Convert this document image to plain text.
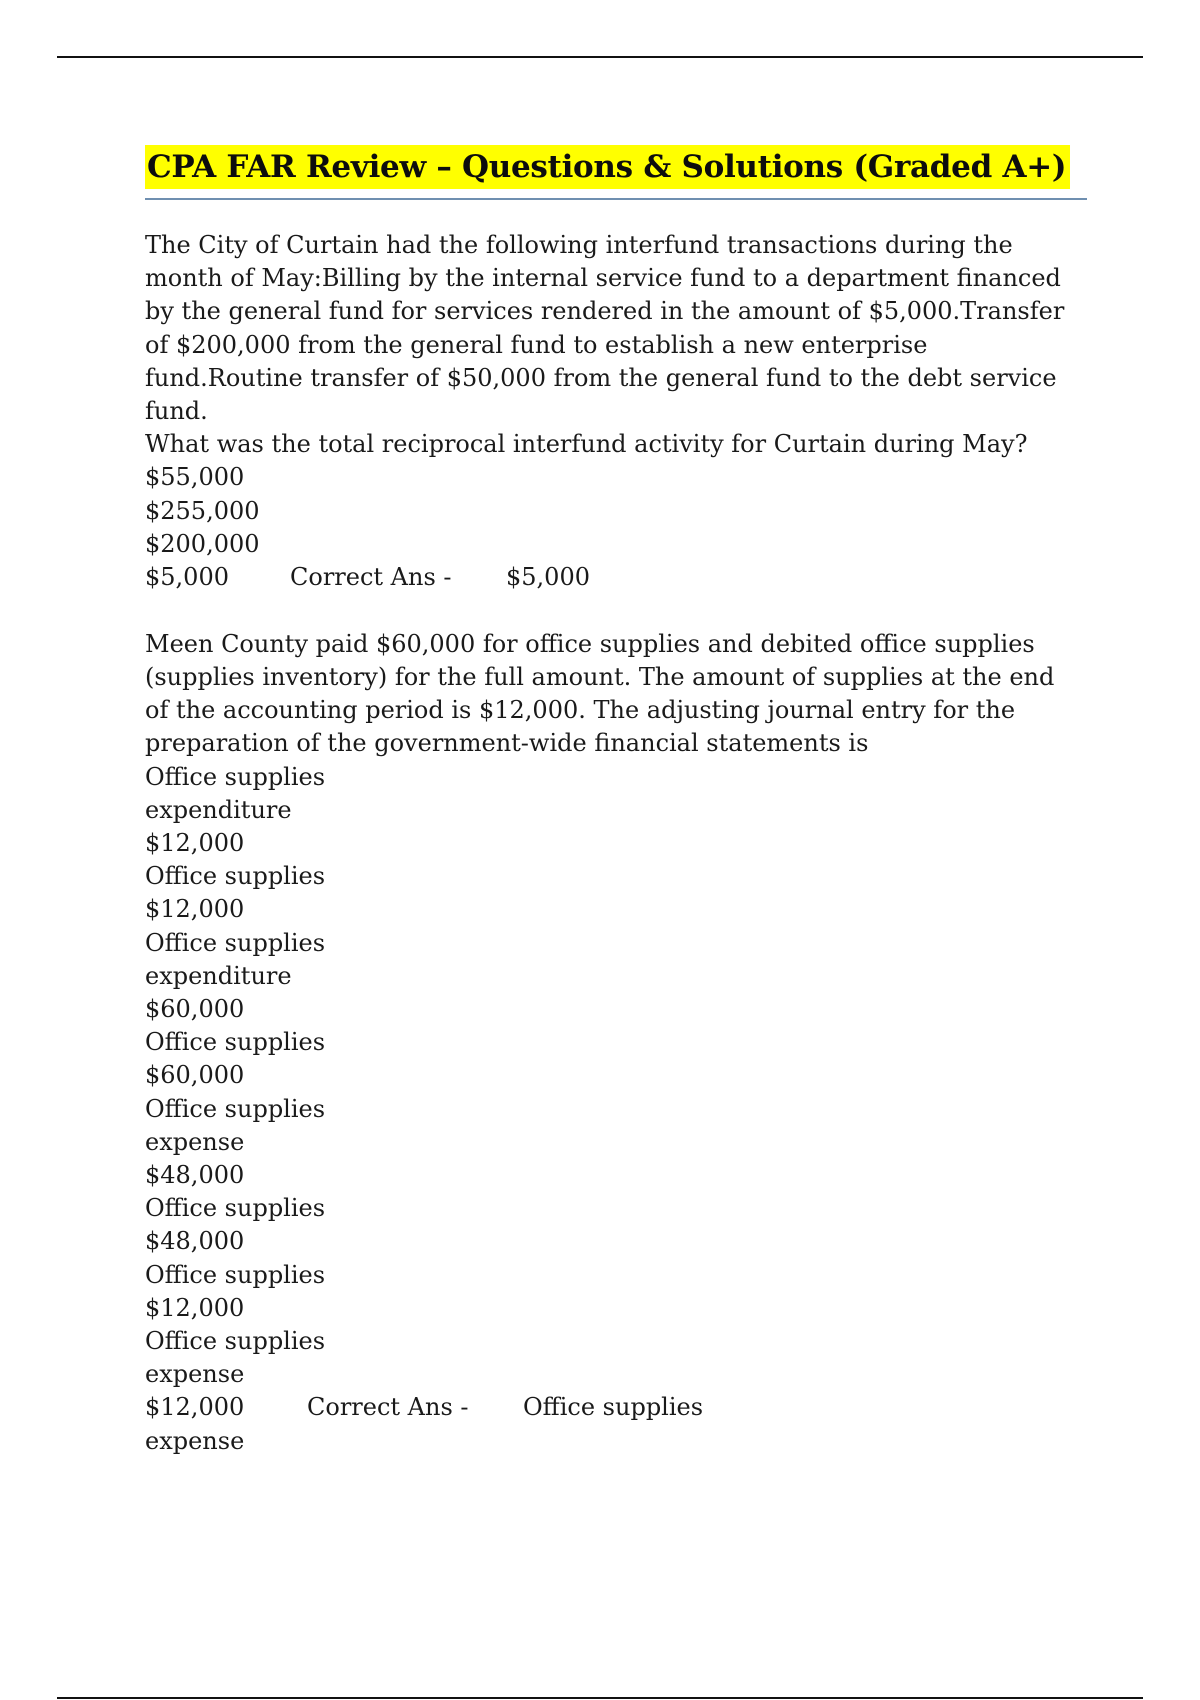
CPA FAR Review – Questions & Solutions (Graded A+)
The City of Curtain had the following interfund transactions during the
month of May:Billing by the internal service fund to a department financed
by the general fund for services rendered in the amount of $5,000.Transfer
of $200,000 from the general fund to establish a new enterprise
fund.Routine transfer of $50,000 from the general fund to the debt service
fund.
What was the total reciprocal interfund activity for Curtain during May?
$55,000
$255,000
$200,000
$5,000	Correct Ans - $5,000
Meen County paid $60,000 for office supplies and debited office supplies
(supplies inventory) for the full amount. The amount of supplies at the end
of the accounting period is $12,000. The adjusting journal entry for the
preparation of the government-wide financial statements is
Office supplies
expenditure
$12,000
Office supplies
$12,000
Office supplies
expenditure
$60,000
Office supplies
$60,000
Office supplies
expense
$48,000
Office supplies
$48,000
Office supplies
$12,000
Office supplies
expense
$12,000	Correct Ans - Office supplies
expense
